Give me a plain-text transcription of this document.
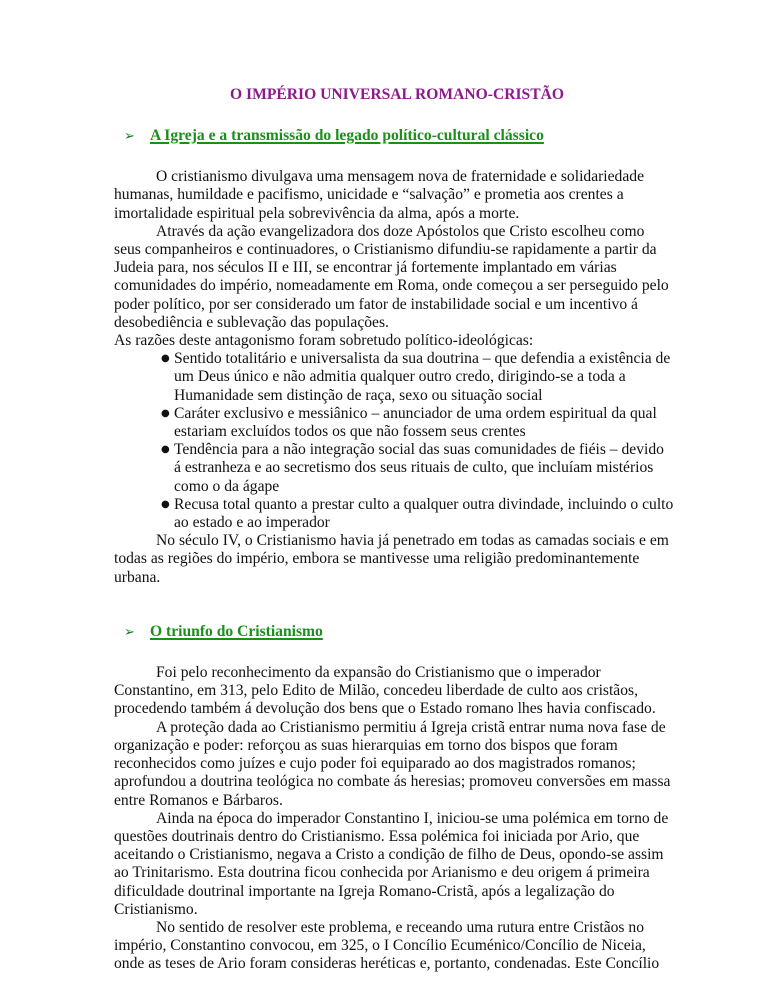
O IMPÉRIO UNIVERSAL ROMANO-CRISTÃO
➢ A Igreja e a transmissão do legado político-cultural clássico

O cristianismo divulgava uma mensagem nova de fraternidade e solidariedade humanas, humildade e pacifismo, unicidade e “salvação” e prometia aos crentes a imortalidade espiritual pela sobrevivência da alma, após a morte.

Através da ação evangelizadora dos doze Apóstolos que Cristo escolheu como seus companheiros e continuadores, o Cristianismo difundiu-se rapidamente a partir da Judeia para, nos séculos II e III, se encontrar já fortemente implantado em várias comunidades do império, nomeadamente em Roma, onde começou a ser perseguido pelo poder político, por ser considerado um fator de instabilidade social e um incentivo á desobediência e sublevação das populações.

As razões deste antagonismo foram sobretudo político-ideológicas:

● Sentido totalitário e universalista da sua doutrina – que defendia a existência de um Deus único e não admitia qualquer outro credo, dirigindo-se a toda a Humanidade sem distinção de raça, sexo ou situação social
● Caráter exclusivo e messiânico – anunciador de uma ordem espiritual da qual estariam excluídos todos os que não fossem seus crentes
● Tendência para a não integração social das suas comunidades de fiéis – devido á estranheza e ao secretismo dos seus rituais de culto, que incluíam mistérios como o da ágape
● Recusa total quanto a prestar culto a qualquer outra divindade, incluindo o culto ao estado e ao imperador

No século IV, o Cristianismo havia já penetrado em todas as camadas sociais e em todas as regiões do império, embora se mantivesse uma religião predominantemente urbana.

➢ O triunfo do Cristianismo

Foi pelo reconhecimento da expansão do Cristianismo que o imperador Constantino, em 313, pelo Edito de Milão, concedeu liberdade de culto aos cristãos, procedendo também á devolução dos bens que o Estado romano lhes havia confiscado.

A proteção dada ao Cristianismo permitiu á Igreja cristã entrar numa nova fase de organização e poder: reforçou as suas hierarquias em torno dos bispos que foram reconhecidos como juízes e cujo poder foi equiparado ao dos magistrados romanos; aprofundou a doutrina teológica no combate ás heresias; promoveu conversões em massa entre Romanos e Bárbaros.

Ainda na época do imperador Constantino I, iniciou-se uma polémica em torno de questões doutrinais dentro do Cristianismo. Essa polémica foi iniciada por Ario, que aceitando o Cristianismo, negava a Cristo a condição de filho de Deus, opondo-se assim ao Trinitarismo. Esta doutrina ficou conhecida por Arianismo e deu origem á primeira dificuldade doutrinal importante na Igreja Romano-Cristã, após a legalização do Cristianismo.

No sentido de resolver este problema, e receando uma rutura entre Cristãos no império, Constantino convocou, em 325, o I Concílio Ecuménico/Concílio de Niceia, onde as teses de Ario foram consideras heréticas e, portanto, condenadas. Este Concílio
